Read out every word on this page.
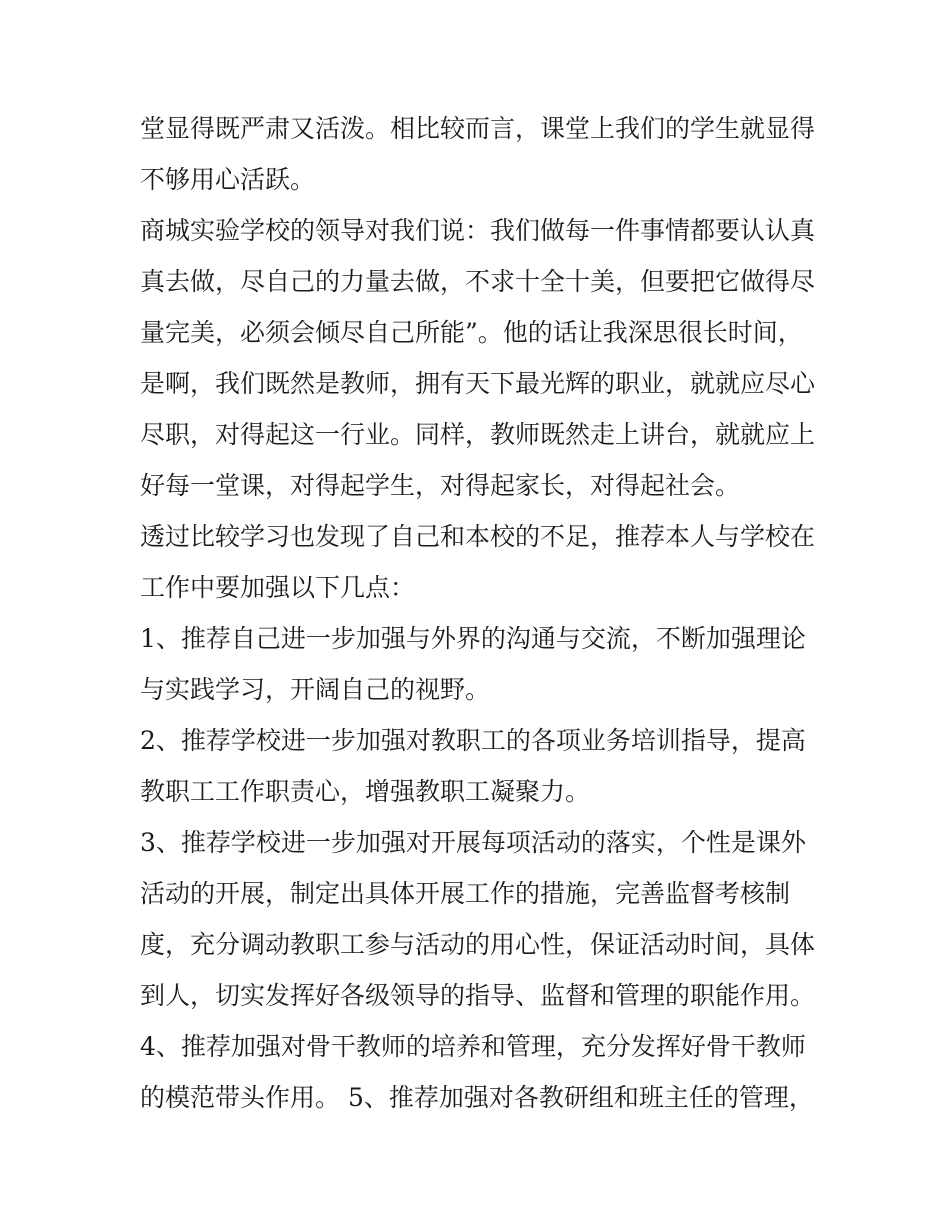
堂显得既严肃又活泼。相比较而言，课堂上我们的学生就显得
不够用心活跃。
商城实验学校的领导对我们说：我们做每一件事情都要认认真
真去做，尽自己的力量去做，不求十全十美，但要把它做得尽
量完美，必须会倾尽自己所能”。他的话让我深思很长时间，
是啊，我们既然是教师，拥有天下最光辉的职业，就就应尽心
尽职，对得起这一行业。同样，教师既然走上讲台，就就应上
好每一堂课，对得起学生，对得起家长，对得起社会。
透过比较学习也发现了自己和本校的不足，推荐本人与学校在
工作中要加强以下几点：
1、推荐自己进一步加强与外界的沟通与交流，不断加强理论
与实践学习，开阔自己的视野。
2、推荐学校进一步加强对教职工的各项业务培训指导，提高
教职工工作职责心，增强教职工凝聚力。
3、推荐学校进一步加强对开展每项活动的落实，个性是课外
活动的开展，制定出具体开展工作的措施，完善监督考核制
度，充分调动教职工参与活动的用心性，保证活动时间，具体
到人，切实发挥好各级领导的指导、监督和管理的职能作用。
4、推荐加强对骨干教师的培养和管理，充分发挥好骨干教师
的模范带头作用。 5、推荐加强对各教研组和班主任的管理，
